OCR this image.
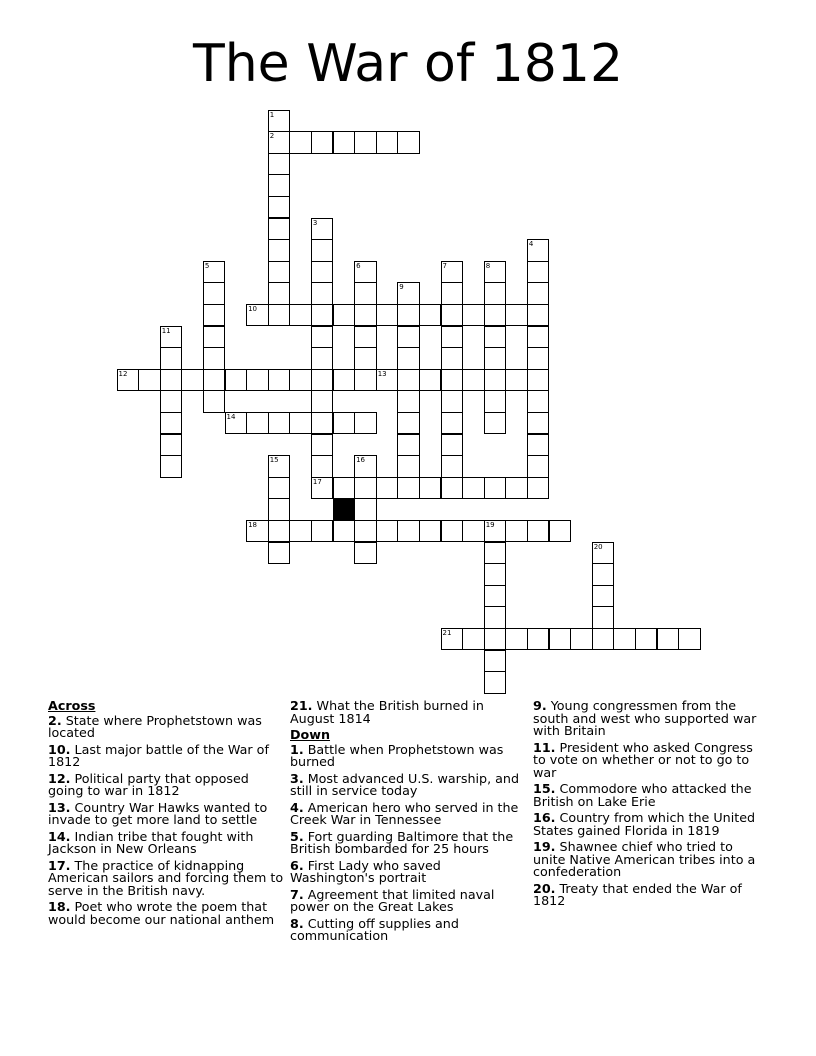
The War of 1812
1
2
3
4
5	6	7	8
9
10
11
12	13
14
15	16
17
18	19
20
21
Across
2. State where Prophetstown was located
10. Last major battle of the War of 1812
12. Political party that opposed going to war in 1812
13. Country War Hawks wanted to invade to get more land to settle
14. Indian tribe that fought with Jackson in New Orleans
17. The practice of kidnapping American sailors and forcing them to serve in the British navy.
18. Poet who wrote the poem that would become our national anthem
21. What the British burned in August 1814
Down
1. Battle when Prophetstown was burned
3. Most advanced U.S. warship, and still in service today
4. American hero who served in the Creek War in Tennessee
5. Fort guarding Baltimore that the British bombarded for 25 hours
6. First Lady who saved Washington's portrait
7. Agreement that limited naval power on the Great Lakes
8. Cutting off supplies and communication
9. Young congressmen from the south and west who supported war with Britain
11. President who asked Congress to vote on whether or not to go to war
15. Commodore who attacked the British on Lake Erie
16. Country from which the United States gained Florida in 1819
19. Shawnee chief who tried to unite Native American tribes into a confederation
20. Treaty that ended the War of 1812
